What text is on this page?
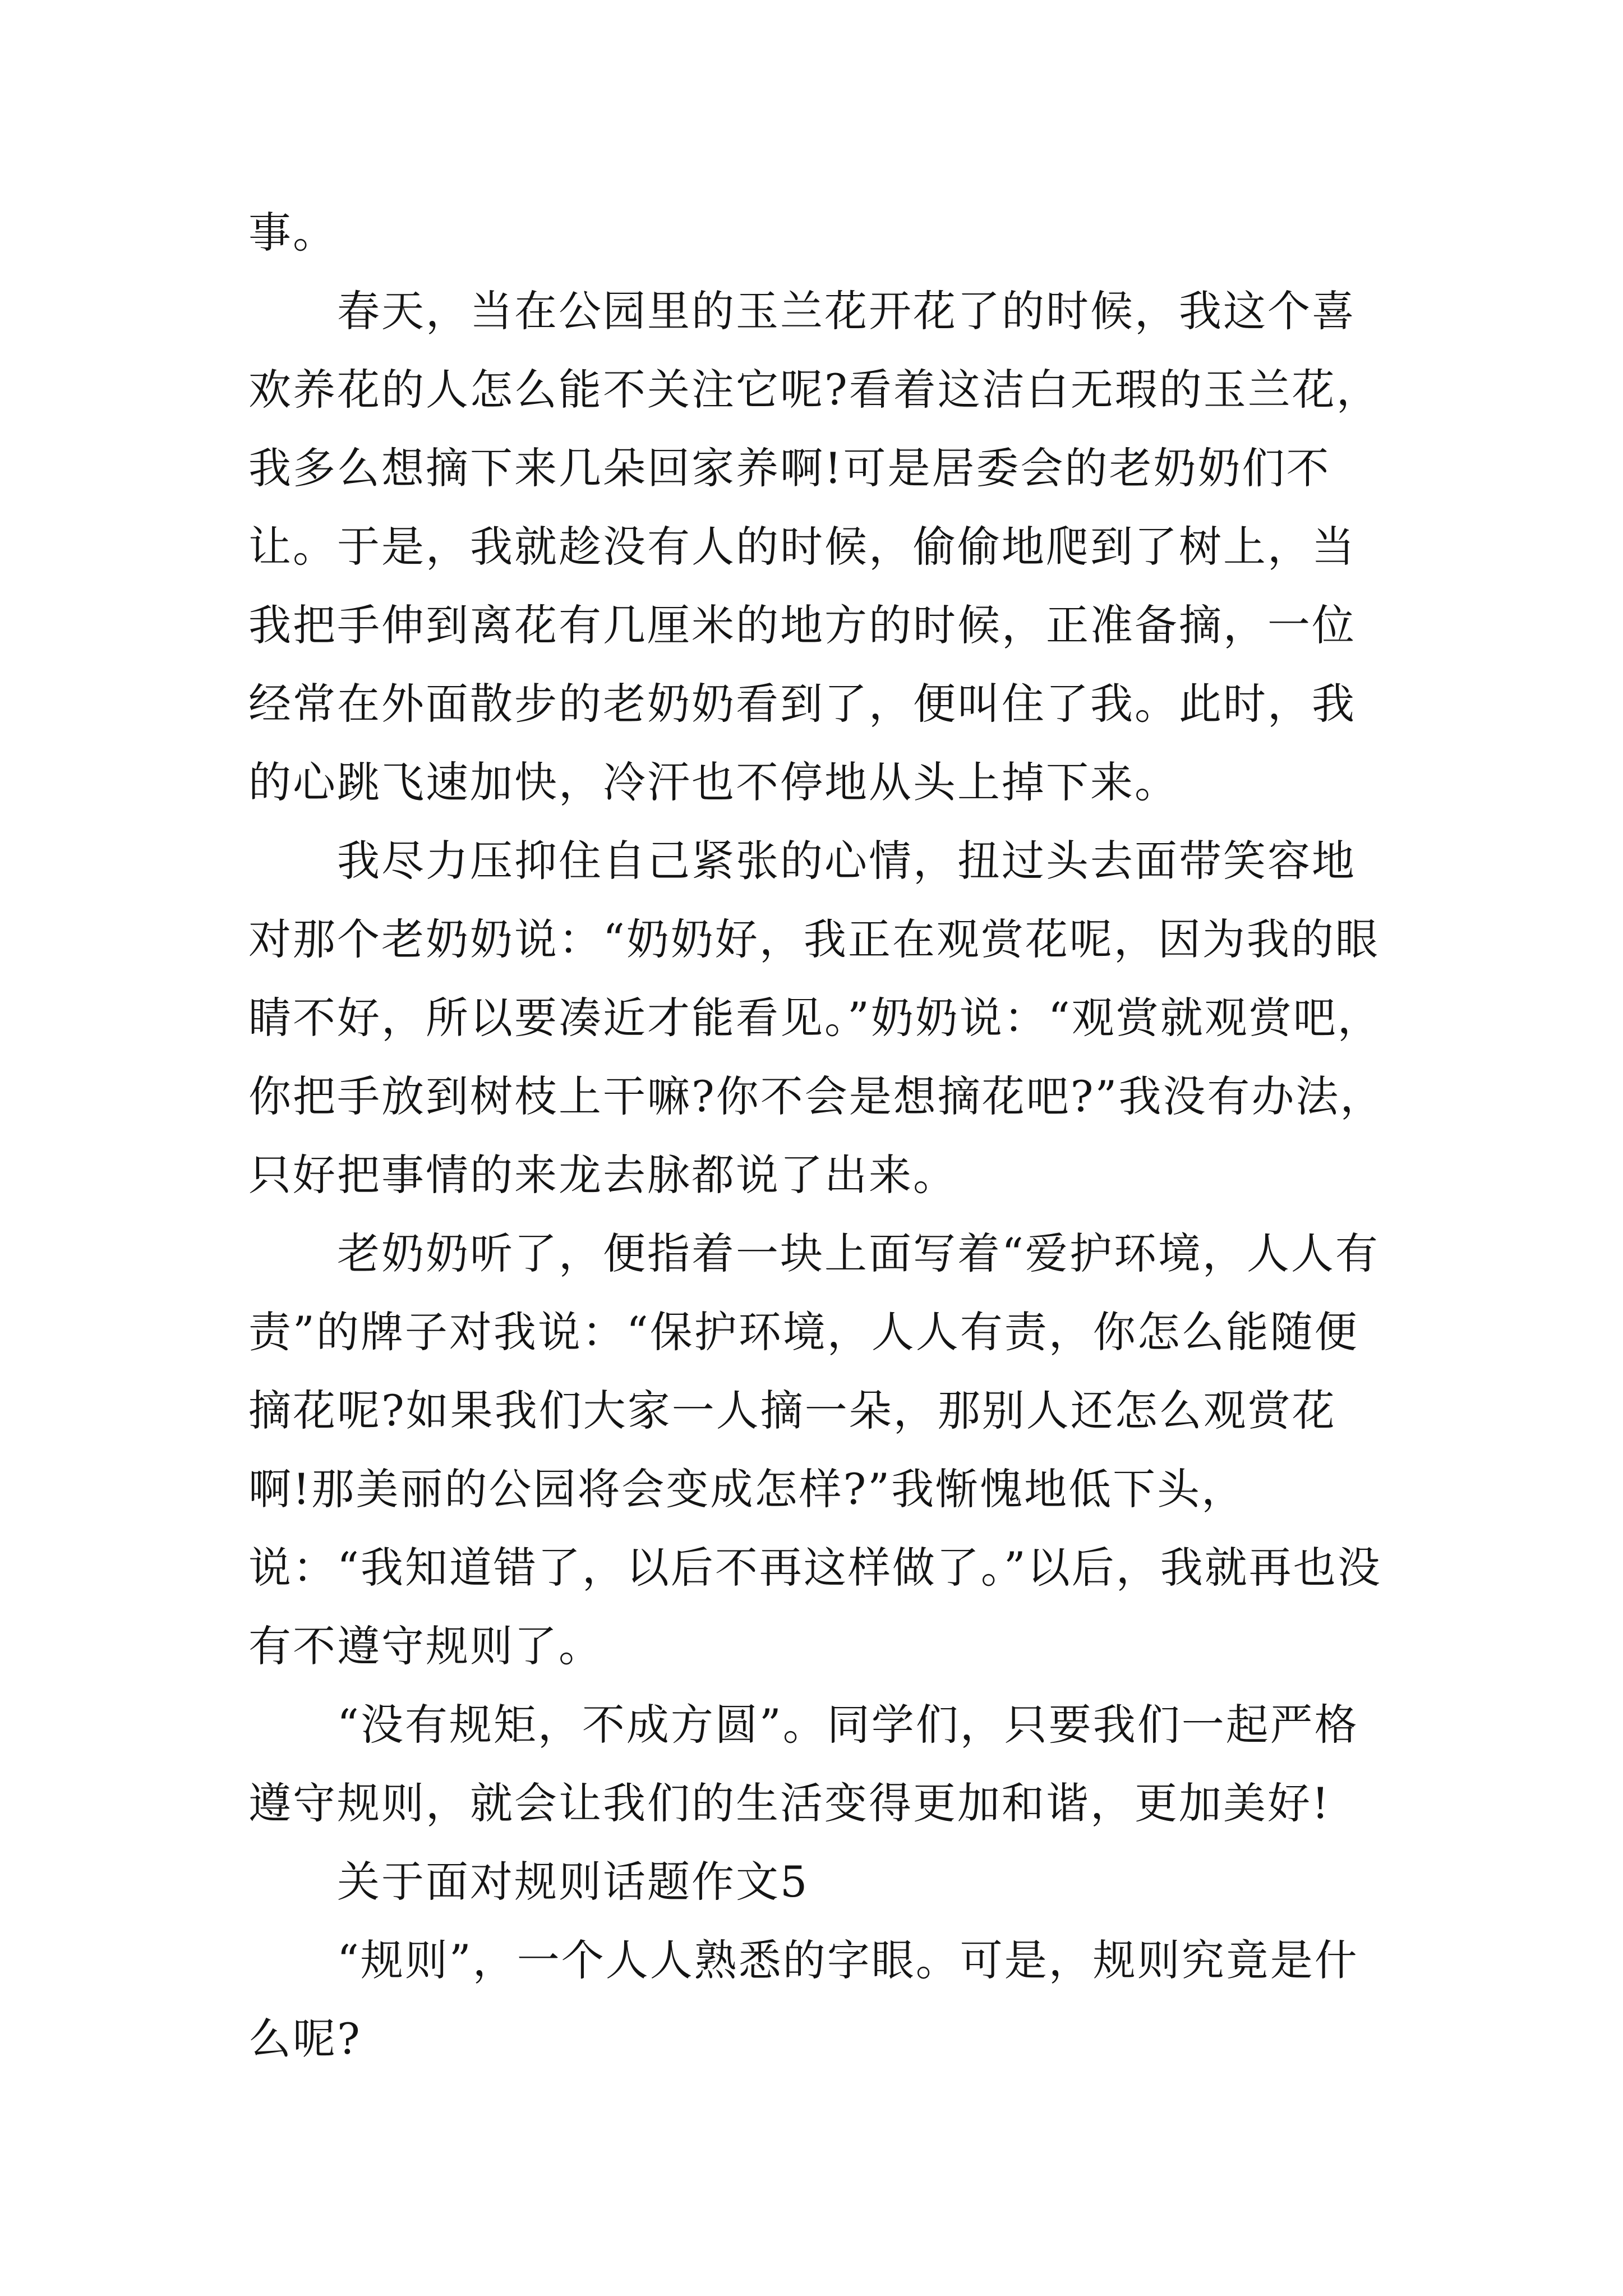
事。

春天，当在公园里的玉兰花开花了的时候，我这个喜欢养花的人怎么能不关注它呢?看着这洁白无瑕的玉兰花，我多么想摘下来几朵回家养啊!可是居委会的老奶奶们不让。于是，我就趁没有人的时候，偷偷地爬到了树上，当我把手伸到离花有几厘米的地方的时候，正准备摘，一位经常在外面散步的老奶奶看到了，便叫住了我。此时，我的心跳飞速加快，冷汗也不停地从头上掉下来。

我尽力压抑住自己紧张的心情，扭过头去面带笑容地对那个老奶奶说：“奶奶好，我正在观赏花呢，因为我的眼睛不好，所以要凑近才能看见。”奶奶说：“观赏就观赏吧，你把手放到树枝上干嘛?你不会是想摘花吧?”我没有办法，只好把事情的来龙去脉都说了出来。

老奶奶听了，便指着一块上面写着“爱护环境，人人有责”的牌子对我说：“保护环境，人人有责，你怎么能随便摘花呢?如果我们大家一人摘一朵，那别人还怎么观赏花啊!那美丽的公园将会变成怎样?”我惭愧地低下头，说：“我知道错了，以后不再这样做了。”以后，我就再也没有不遵守规则了。

“没有规矩，不成方圆”。同学们，只要我们一起严格遵守规则，就会让我们的生活变得更加和谐，更加美好!

关于面对规则话题作文5

“规则”，一个人人熟悉的字眼。可是，规则究竟是什么呢?
